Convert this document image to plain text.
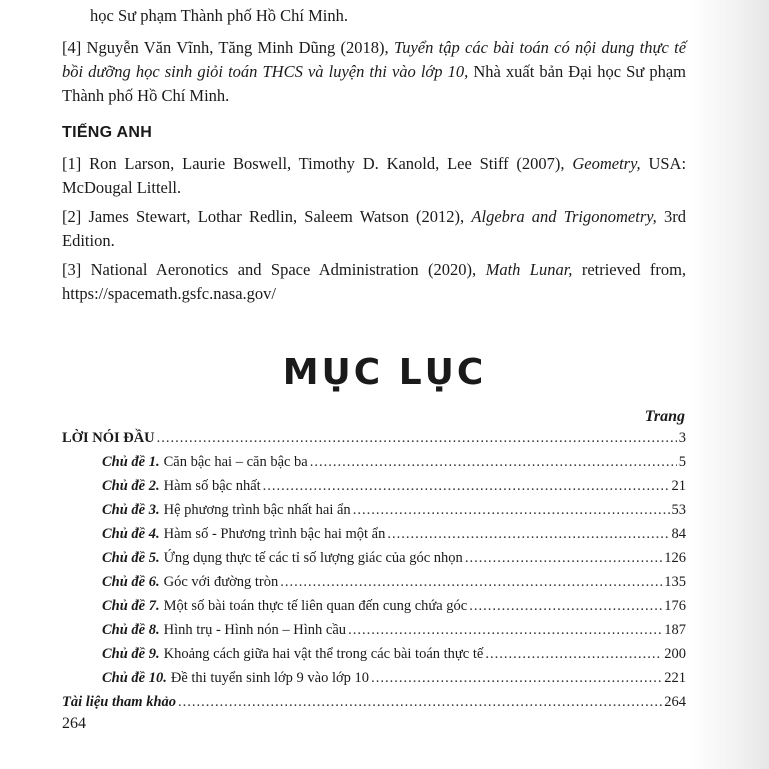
học Sư phạm Thành phố Hồ Chí Minh.
[4] Nguyễn Văn Vĩnh, Tăng Minh Dũng (2018), Tuyển tập các bài toán có nội dung thực tế bồi dưỡng học sinh giỏi toán THCS và luyện thi vào lớp 10, Nhà xuất bản Đại học Sư phạm Thành phố Hồ Chí Minh.
TIẾNG ANH
[1] Ron Larson, Laurie Boswell, Timothy D. Kanold, Lee Stiff (2007), Geometry, USA: McDougal Littell.
[2] James Stewart, Lothar Redlin, Saleem Watson (2012), Algebra and Trigonometry, 3rd Edition.
[3] National Aeronotics and Space Administration (2020), Math Lunar, retrieved from, https://spacemath.gsfc.nasa.gov/
MỤC LỤC
Trang
LỜI NÓI ĐẦU .....	3
Chủ đề 1. Căn bậc hai – căn bậc ba .....	5
Chủ đề 2. Hàm số bậc nhất .....	21
Chủ đề 3. Hệ phương trình bậc nhất hai ẩn .....	53
Chủ đề 4. Hàm số - Phương trình bậc hai một ẩn .....	84
Chủ đề 5. Ứng dụng thực tế các tỉ số lượng giác của góc nhọn .....	126
Chủ đề 6. Góc với đường tròn .....	135
Chủ đề 7. Một số bài toán thực tế liên quan đến cung chứa góc .....	176
Chủ đề 8. Hình trụ - Hình nón – Hình cầu .....	187
Chủ đề 9. Khoảng cách giữa hai vật thể trong các bài toán thực tế .....	200
Chủ đề 10. Đề thi tuyển sinh lớp 9 vào lớp 10 .....	221
Tài liệu tham khảo .....	264
264
